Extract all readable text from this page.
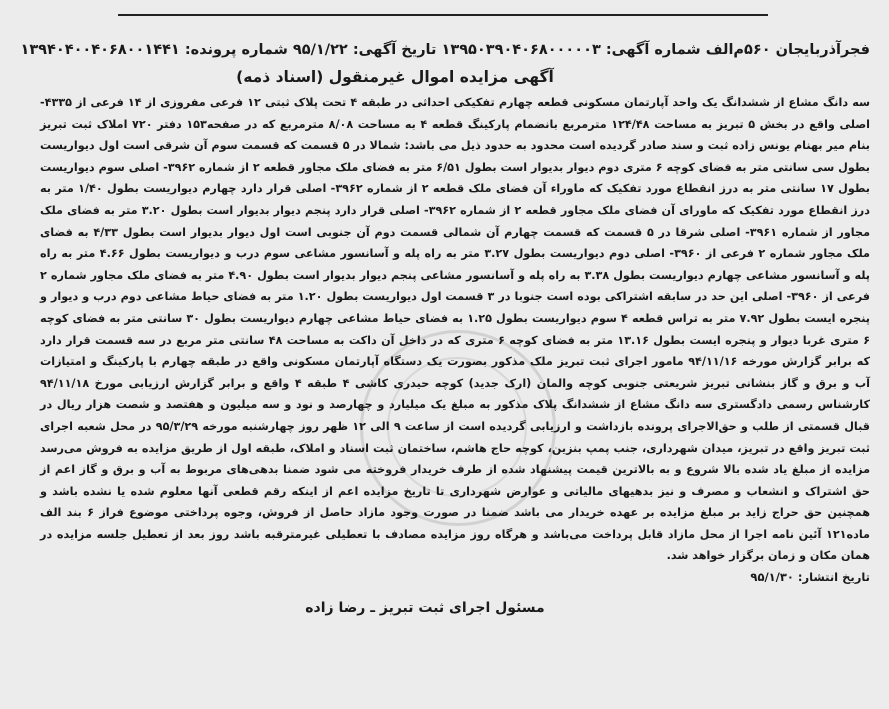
فجرآذربایجان ۵۶۰م‌الف شماره آگهی: ۱۳۹۵۰۳۹۰۴۰۶۸۰۰۰۰۰۳ تاریخ آگهی: ۹۵/۱/۲۲ شماره پرونده: ۱۳۹۴۰۴۰۰۴۰۶۸۰۰۱۴۴۱
آگهی مزایده اموال غیرمنقول (اسناد ذمه)
سه دانگ مشاع از ششدانگ یک واحد آپارتمان مسکونی قطعه چهارم تفکیکی احداثی در طبقه ۴ تحت پلاک ثبتی ۱۲ فرعی مفروزی از ۱۴ فرعی از ۴۳۳۵- اصلی واقع در بخش ۵ تبریز به مساحت ۱۲۴/۴۸ مترمربع بانضمام پارکینگ قطعه ۴ به مساحت ۸/۰۸ مترمربع که در صفحه۱۵۳ دفتر ۷۲۰ املاک ثبت تبریز بنام میر بهنام یونس زاده ثبت و سند صادر گردیده است محدود به حدود ذیل می باشد: شمالا در ۵ قسمت که قسمت سوم آن شرقی است اول دیواریست بطول سی سانتی متر به فضای کوچه ۶ متری دوم دیوار بدیوار است بطول ۶/۵۱ متر به فضای ملک مجاور قطعه ۲ از شماره ۳۹۶۲- اصلی سوم دیواریست بطول ۱۷ سانتی متر به درز انقطاع مورد تفکیک که ماوراء آن فضای ملک قطعه ۲ از شماره ۳۹۶۲- اصلی قرار دارد چهارم دیواریست بطول ۱/۴۰ متر به درز انقطاع مورد تفکیک که ماورای آن فضای ملک مجاور قطعه ۲ از شماره ۳۹۶۲- اصلی قرار دارد پنجم دیوار بدیوار است بطول ۳.۲۰ متر به فضای ملک مجاور از شماره ۳۹۶۱- اصلی شرقا در ۵ قسمت که قسمت چهارم آن شمالی قسمت دوم آن جنوبی است اول دیوار بدیوار است بطول ۴/۳۳ به فضای ملک مجاور شماره ۲ فرعی از ۳۹۶۰- اصلی دوم دیواریست بطول ۳.۲۷ متر به راه پله و آسانسور مشاعی سوم درب و دیواریست بطول ۴.۶۶ متر به راه پله و آسانسور مشاعی چهارم دیواریست بطول ۳.۳۸ به راه پله و آسانسور مشاعی پنجم دیوار بدیوار است بطول ۴.۹۰ متر به فضای ملک مجاور شماره ۲ فرعی از ۳۹۶۰- اصلی این حد در سابقه اشتراکی بوده است جنوبا در ۳ قسمت اول دیواریست بطول ۱.۲۰ متر به فضای حیاط مشاعی دوم درب و دیوار و پنجره ایست بطول ۷.۹۲ متر به تراس قطعه ۴ سوم دیواریست بطول ۱.۲۵ به فضای حیاط مشاعی چهارم دیواریست بطول ۳۰ سانتی متر به فضای کوچه ۶ متری غربا دیوار و پنجره ایست بطول ۱۳.۱۶ متر به فضای کوچه ۶ متری که در داخل آن داکت به مساحت ۴۸ سانتی متر مربع در سه قسمت قرار دارد که برابر گزارش مورخه ۹۴/۱۱/۱۶ مامور اجرای ثبت تبریز ملک مذکور بصورت یک دستگاه آپارتمان مسکونی واقع در طبقه چهارم با پارکینگ و امتیازات آب و برق و گاز بنشانی تبریز شریعتی جنوبی کوچه والمان (ارک جدید) کوچه حیدری کاشی ۴ طبقه ۴ واقع و برابر گزارش ارزیابی مورخ ۹۴/۱۱/۱۸ کارشناس رسمی دادگستری سه دانگ مشاع از ششدانگ پلاک مذکور به مبلغ یک میلیارد و چهارصد و نود و سه میلیون و هفتصد و شصت هزار ریال در قبال قسمتی از طلب و حق‌الاجرای پرونده بازداشت و ارزیابی گردیده است از ساعت ۹ الی ۱۲ ظهر روز چهارشنبه مورخه ۹۵/۳/۲۹ در محل شعبه اجرای ثبت تبریز واقع در تبریز، میدان شهرداری، جنب پمپ بنزین، کوچه حاج هاشم، ساختمان ثبت اسناد و املاک، طبقه اول از طریق مزایده به فروش می‌رسد مزایده از مبلغ یاد شده بالا شروع و به بالاترین قیمت پیشنهاد شده از طرف خریدار فروخته می شود ضمنا بدهی‌های مربوط به آب و برق و گاز اعم از حق اشتراک و انشعاب و مصرف و نیز بدهیهای مالیاتی و عوارض شهرداری تا تاریخ مزایده اعم از اینکه رقم قطعی آنها معلوم شده یا نشده باشد و همچنین حق حراج زاید بر مبلغ مزایده بر عهده خریدار می باشد ضمنا در صورت وجود مازاد حاصل از فروش، وجوه پرداختی موضوع فراز ۶ بند الف ماده۱۲۱ آئین نامه اجرا از محل مازاد قابل پرداخت می‌باشد و هرگاه روز مزایده مصادف با تعطیلی غیرمترقبه باشد روز بعد از تعطیل جلسه مزایده در همان مکان و زمان برگزار خواهد شد.
تاریخ انتشار: ۹۵/۱/۳۰
مسئول اجرای ثبت تبریز ـ رضا زاده
